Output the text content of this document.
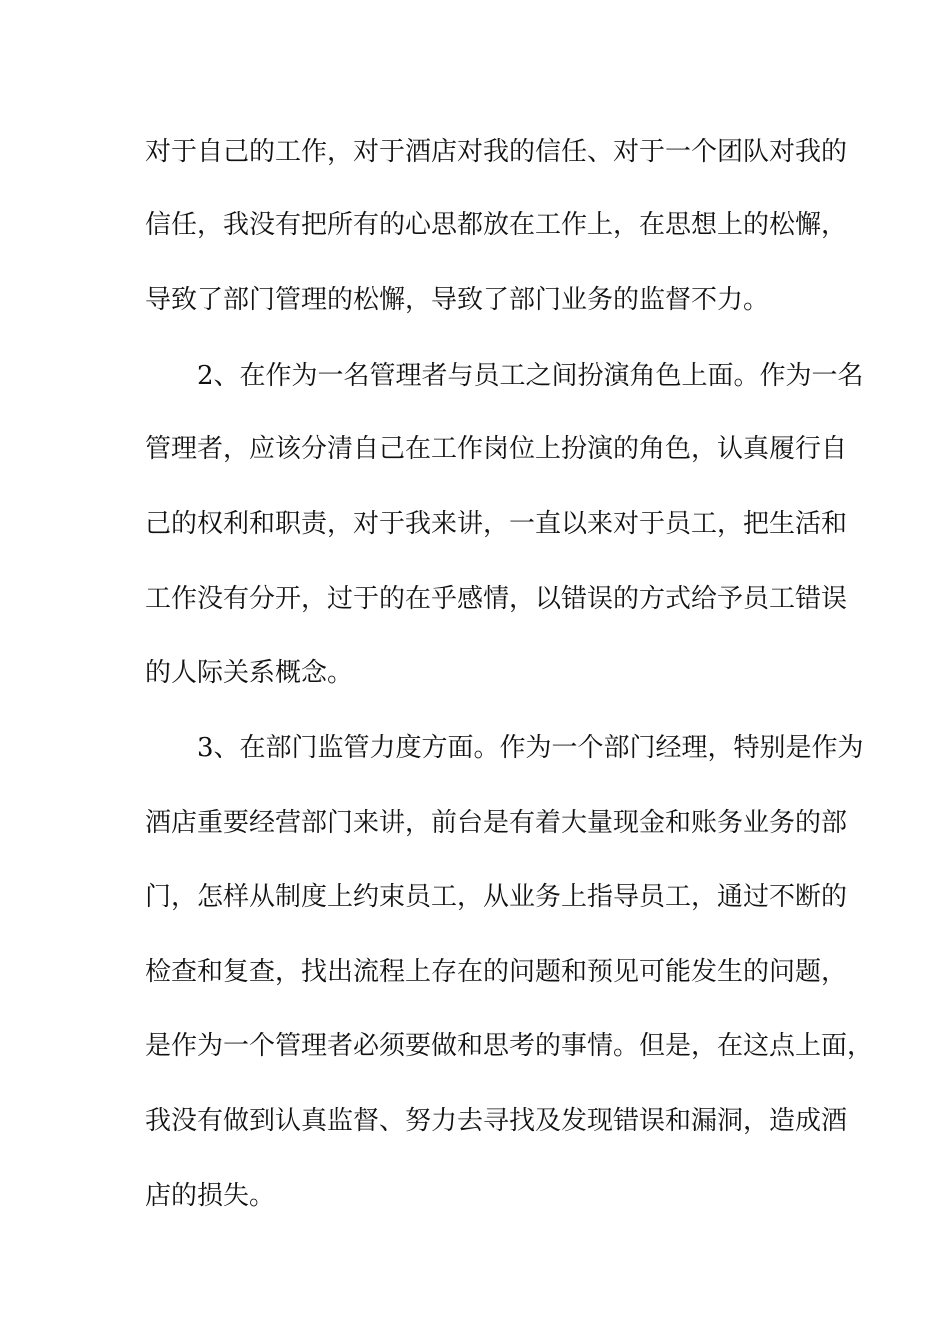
对于自己的工作，对于酒店对我的信任、对于一个团队对我的
信任，我没有把所有的心思都放在工作上，在思想上的松懈，
导致了部门管理的松懈，导致了部门业务的监督不力。
　　2、在作为一名管理者与员工之间扮演角色上面。作为一名
管理者，应该分清自己在工作岗位上扮演的角色，认真履行自
己的权利和职责，对于我来讲，一直以来对于员工，把生活和
工作没有分开，过于的在乎感情，以错误的方式给予员工错误
的人际关系概念。
　　3、在部门监管力度方面。作为一个部门经理，特别是作为
酒店重要经营部门来讲，前台是有着大量现金和账务业务的部
门，怎样从制度上约束员工，从业务上指导员工，通过不断的
检查和复查，找出流程上存在的问题和预见可能发生的问题，
是作为一个管理者必须要做和思考的事情。但是，在这点上面，
我没有做到认真监督、努力去寻找及发现错误和漏洞，造成酒
店的损失。
